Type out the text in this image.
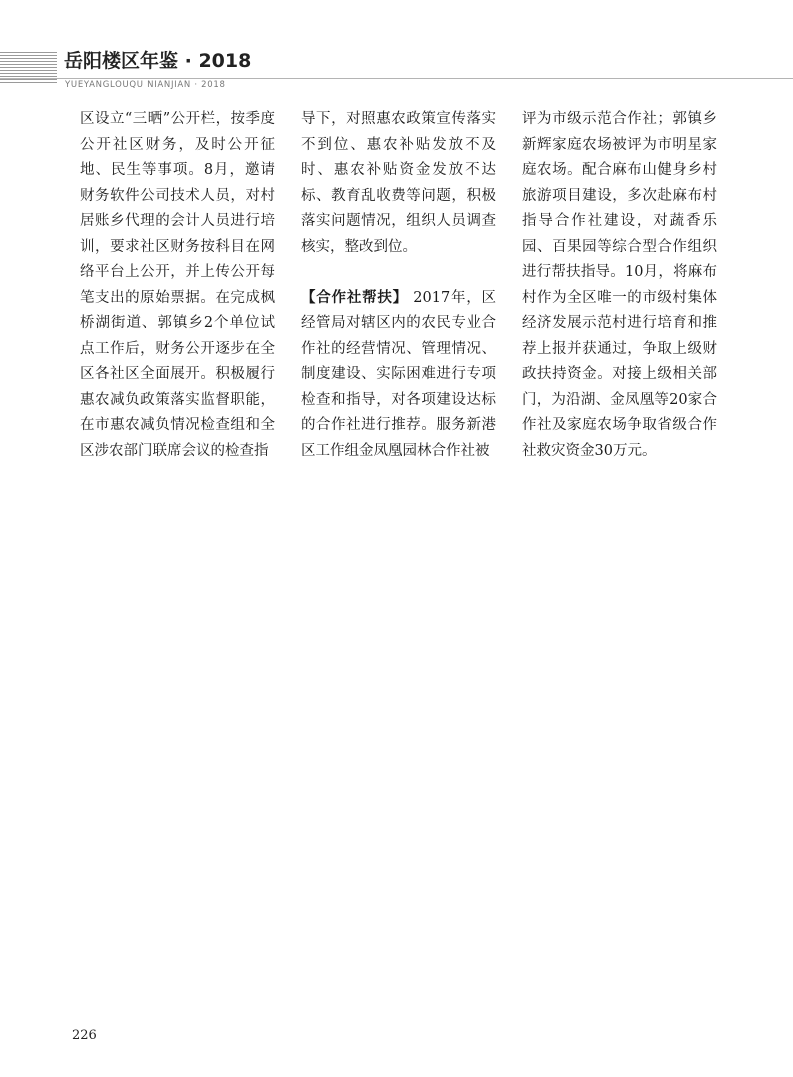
岳阳楼区年鉴 · 2018
YUEYANGLOUQU NIANJIAN · 2018

区设立“三晒”公开栏，按季度公开社区财务，及时公开征地、民生等事项。8月，邀请财务软件公司技术人员，对村居账乡代理的会计人员进行培训，要求社区财务按科目在网络平台上公开，并上传公开每笔支出的原始票据。在完成枫桥湖街道、郭镇乡2个单位试点工作后，财务公开逐步在全区各社区全面展开。积极履行惠农减负政策落实监督职能，在市惠农减负情况检查组和全区涉农部门联席会议的检查指

导下，对照惠农政策宣传落实不到位、惠农补贴发放不及时、惠农补贴资金发放不达标、教育乱收费等问题，积极落实问题情况，组织人员调查核实，整改到位。

【合作社帮扶】 2017年，区经管局对辖区内的农民专业合作社的经营情况、管理情况、制度建设、实际困难进行专项检查和指导，对各项建设达标的合作社进行推荐。服务新港区工作组金凤凰园林合作社被

评为市级示范合作社；郭镇乡新辉家庭农场被评为市明星家庭农场。配合麻布山健身乡村旅游项目建设，多次赴麻布村指导合作社建设，对蔬香乐园、百果园等综合型合作组织进行帮扶指导。10月，将麻布村作为全区唯一的市级村集体经济发展示范村进行培育和推荐上报并获通过，争取上级财政扶持资金。对接上级相关部门，为沿湖、金凤凰等20家合作社及家庭农场争取省级合作社救灾资金30万元。

226
